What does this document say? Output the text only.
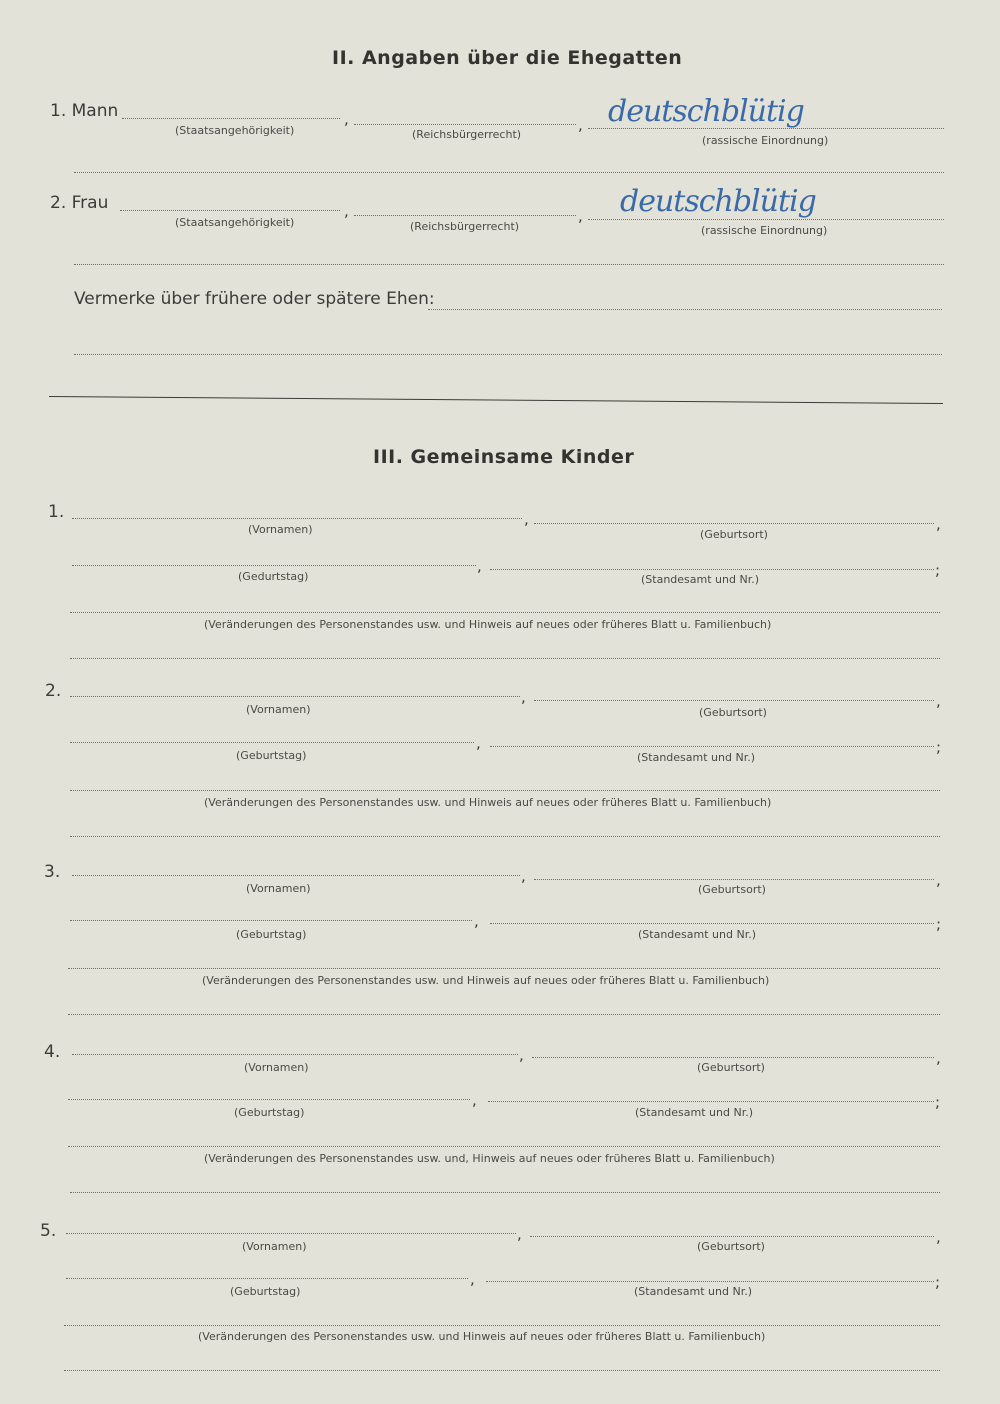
II. Angaben über die Ehegatten
1. Mann	,	,
(Staatsangehörigkeit)	(Reichsbürgerrecht)	(rassische Einordnung)
deutschblütig
2. Frau	,	,
(Staatsangehörigkeit)	(Reichsbürgerrecht)	(rassische Einordnung)
deutschblütig
Vermerke über frühere oder spätere Ehen:
III. Gemeinsame Kinder
1.	,	,
(Vornamen)	(Geburtsort)
,	;
(Gedurtstag)	(Standesamt und Nr.)
(Veränderungen des Personenstandes usw. und Hinweis auf neues oder früheres Blatt u. Familienbuch)
2.	,	,
(Vornamen)	(Geburtsort)
,	;
(Geburtstag)	(Standesamt und Nr.)
(Veränderungen des Personenstandes usw. und Hinweis auf neues oder früheres Blatt u. Familienbuch)
3.	,	,
(Vornamen)	(Geburtsort)
,	;
(Geburtstag)	(Standesamt und Nr.)
(Veränderungen des Personenstandes usw. und Hinweis auf neues oder früheres Blatt u. Familienbuch)
4.	,	,
(Vornamen)	(Geburtsort)
,	;
(Geburtstag)	(Standesamt und Nr.)
(Veränderungen des Personenstandes usw. und, Hinweis auf neues oder früheres Blatt u. Familienbuch)
5.	,	,
(Vornamen)	(Geburtsort)
,	;
(Geburtstag)	(Standesamt und Nr.)
(Veränderungen des Personenstandes usw. und Hinweis auf neues oder früheres Blatt u. Familienbuch)
